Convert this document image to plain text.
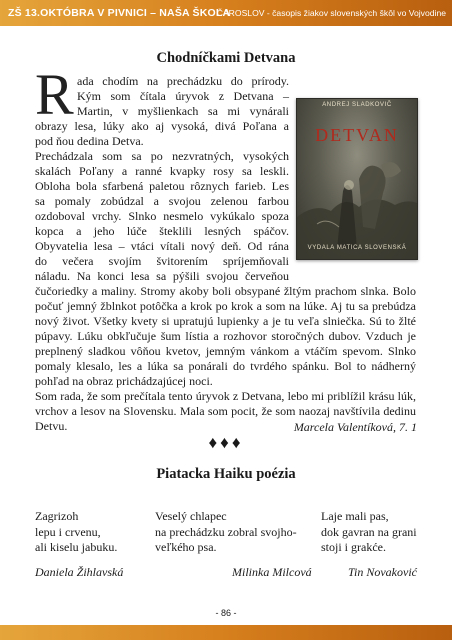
ZŠ 13.OKTÓBRA V PIVNICI – NAŠA ŠKOLA
ČAROSLOV - časopis žiakov slovenských škôl vo Vojvodine
Chodníčkami Detvana
R	ANDREJ SLADKOVIČ
DETVAN
VYDALA MATICA SLOVENSKÁ
ada chodím na prechádzku do prírody.
Kým som čítala úryvok z Detvana –
Martin, v myšlienkach sa mi vynárali
obrazy lesa, lúky ako aj vysoká, divá Poľana a
pod ňou dedina Detva.
Prechádzala som sa po nezvratných, vysokých
skalách Poľany a ranné kvapky rosy sa leskli.
Obloha bola sfarbená paletou rôznych farieb. Les
sa pomaly zobúdzal a svojou zelenou farbou
ozdoboval vrchy. Slnko nesmelo vykúkalo spoza
kopca a jeho lúče šteklili lesných spáčov.
Obyvatelia lesa – vtáci vítali nový deň. Od rána
do večera svojím švitorením spríjemňovali
náladu. Na konci lesa sa pýšili svojou červeňou
čučoriedky a maliny. Stromy akoby boli obsypané žltým prachom slnka. Bolo
počuť jemný žblnkot potôčka a krok po krok a som na lúke. Aj tu sa prebúdza
nový život. Všetky kvety si upratujú lupienky a je tu veľa slniečka. Sú to žlté
púpavy. Lúku obkľučuje šum lístia a rozhovor storočných dubov. Vzduch je
preplnený sladkou vôňou kvetov, jemným vánkom a vtáčím spevom. Slnko
pomaly klesalo, les a lúka sa ponárali do tvrdého spánku. Bol to nádherný
pohľad na obraz prichádzajúcej noci.
Som rada, že som prečítala tento úryvok z Detvana, lebo mi priblížil krásu lúk,
vrchov a lesov na Slovensku. Mala som pocit, že som naozaj navštívila dedinu
Detvu.	Marcela Valentíková, 7. 1
♦♦♦
Piatacka Haiku poézia
Zagrizoh
lepu i crvenu,
ali kiselu jabuku.
Veselý chlapec
na prechádzku zobral svojho-
veľkého psa.
Laje mali pas,
dok gavran na grani
stoji i grakće.
Daniela Žihlavská	Milinka Milcová	Tin Novaković
- 86 -
